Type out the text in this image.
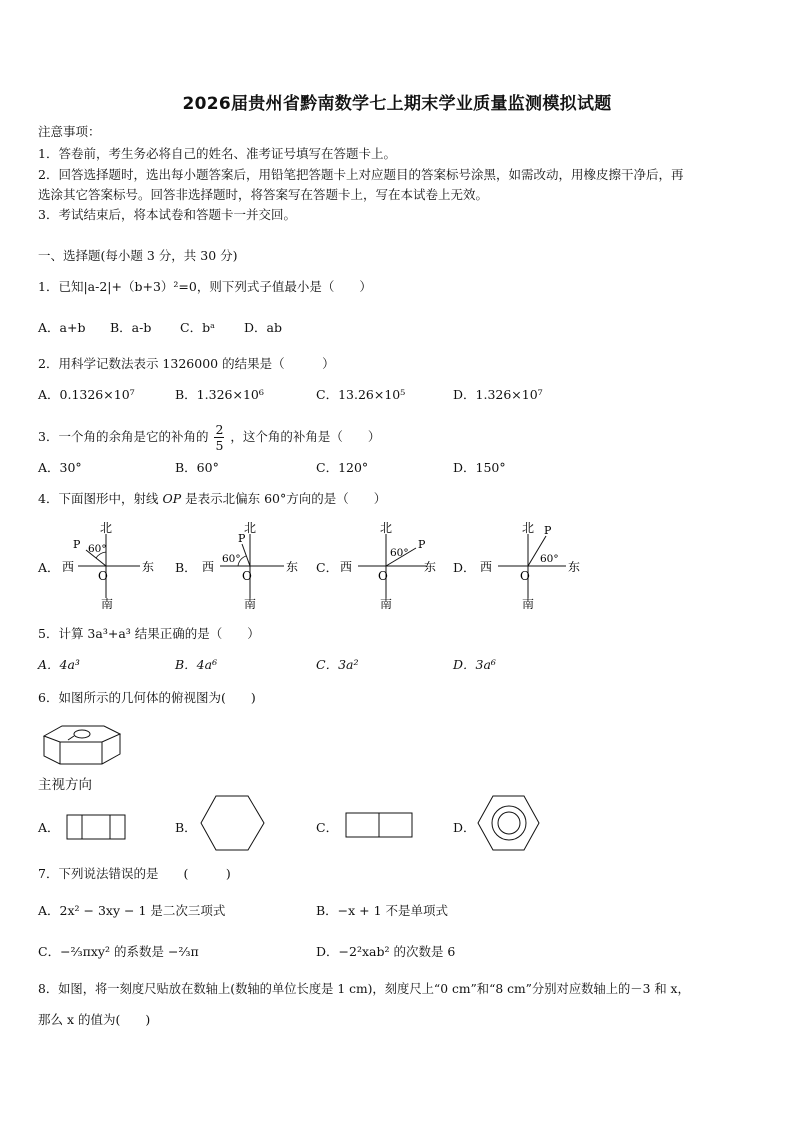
2026届贵州省黔南数学七上期末学业质量监测模拟试题
注意事项：
1．答卷前，考生务必将自己的姓名、准考证号填写在答题卡上。
2．回答选择题时，选出每小题答案后，用铅笔把答题卡上对应题目的答案标号涂黑，如需改动，用橡皮擦干净后，再
选涂其它答案标号。回答非选择题时，将答案写在答题卡上，写在本试卷上无效。
3．考试结束后，将本试卷和答题卡一并交回。
一、选择题(每小题 3 分，共 30 分)
1．已知|a-2|+（b+3）²=0，则下列式子值最小是（　　）
A．a+b B．a-b C．bᵃ D．ab
2．用科学记数法表示 1326000 的结果是（　　　）
A．0.1326×10⁷	B．1.326×10⁶	C．13.26×10⁵	D．1.326×10⁷
3．一个角的余角是它的补角的 $\frac{2}{5}$ ，这个角的补角是（　　）
A．30°	B．60°	C．120°	D．150°
4．下面图形中，射线 OP 是表示北偏东 60°方向的是（　　）
A．	B．	C．	D．
北
南
西	东
O
P 60°
北
南
西	东
O
P
60°
北
南
西	东
O
P
60°
北
南
西	东
O
P
60°
5．计算 3a³+a³ 结果正确的是（　　）
A．4a³	B．4a⁶	C．3a²	D．3a⁶
6．如图所示的几何体的俯视图为(　　)
主视方向
A．	B．	C．	D．
7．下列说法错误的是　　(　　　)
A．2x² − 3xy − 1 是二次三项式	B．−x + 1 不是单项式
C．−⅔πxy² 的系数是 −⅔π	D．−2²xab² 的次数是 6
8．如图，将一刻度尺贴放在数轴上(数轴的单位长度是 1 cm)，刻度尺上“0 cm”和“8 cm”分别对应数轴上的－3 和 x，
那么 x 的值为(　　)
